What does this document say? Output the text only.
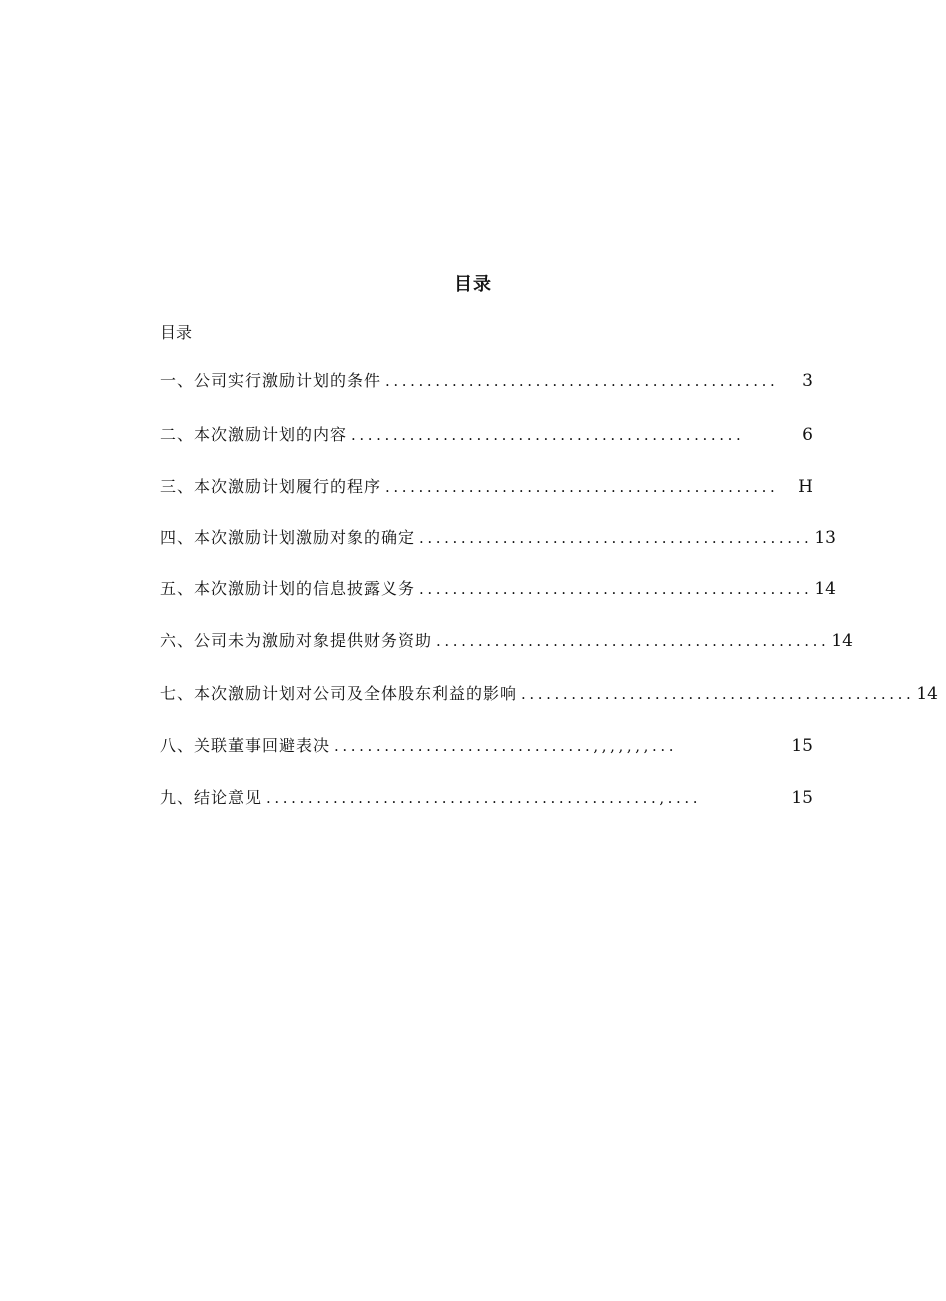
目录
目录
一、公司实行激励计划的条件 ...............................................	3
二、本次激励计划的内容 ...............................................	6
三、本次激励计划履行的程序 ...............................................	H
四、本次激励计划激励对象的确定 ............................................... 13
五、本次激励计划的信息披露义务 ............................................... 14
六、公司未为激励对象提供财务资助 ............................................... 14
七、本次激励计划对公司及全体股东利益的影响 ............................................... 14
八、关联董事回避表决 ...............................,,,,,,,...	15
九、结论意见 ...............................................,....	15
